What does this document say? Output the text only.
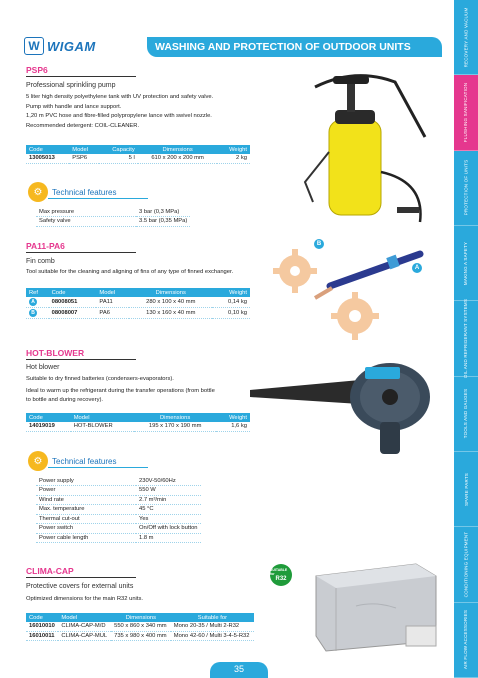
RECOVERY AND VACUUM
FLUSHING SANIFICATION
PROTECTION OF UNITS
MAKING A SAFETY
OIL AND REFRIGERANT SYSTEMS
TOOLS AND GAUGES
SPARE PARTS
CONDITIONING EQUIPMENT
AIR FLOW ACCESSORIES
W WIGAM	WASHING AND PROTECTION OF OUTDOOR UNITS
PSP6
Professional sprinkling pump
5 liter high density polyethylene tank with UV protection and safety valve.
Pump with handle and lance support.
1,20 m PVC hose and fibre-filled polypropylene lance with swivel nozzle.
Recommended detergent: COIL-CLEANER.
Code	Model	Capacity	Dimensions	Weight
13005013	PSP6	5 l	610 x 200 x 200 mm	2 kg
⚙	Technical features
Max pressure	3 bar (0,3 MPa)
Safety valve	3.5 bar (0,35 MPa)
PA11-PA6
Fin comb
Tool suitable for the cleaning and aligning of fins of any type of finned exchanger.
Ref	Code	Model	Dimensions	Weight
A	08008051	PA11	280 x 100 x 40 mm	0,14 kg
B	08008007	PA6	130 x 160 x 40 mm	0,10 kg
B
A
HOT-BLOWER
Hot blower
Suitable to dry finned batteries (condensers-evaporators).
Ideal to warm up the refrigerant during the transfer operations (from bottle
to bottle and during recovery).
Code	Model	Dimensions	Weight
14019019	HOT-BLOWER	195 x 170 x 190 mm	1,6 kg
⚙	Technical features
Power supply	230V-50/60Hz
Power	550 W
Wind rate	2.7 m³/min
Max. temperature	45 °C
Thermal cut-out	Yes
Power switch	On/Off with lock button
Power cable length	1.8 m
CLIMA-CAP
Protective covers for external units
Optimized dimensions for the main R32 units.
SUITABLE for
R32
Code	Model	Dimensions	Suitable for
16010010	CLIMA-CAP-M/D	550 x 860 x 340 mm	Mono 20-35 / Multi 2-R32
16010011	CLIMA-CAP-MUL	735 x 980 x 400 mm	Mono 42-60 / Multi 3-4-5-R32
35
